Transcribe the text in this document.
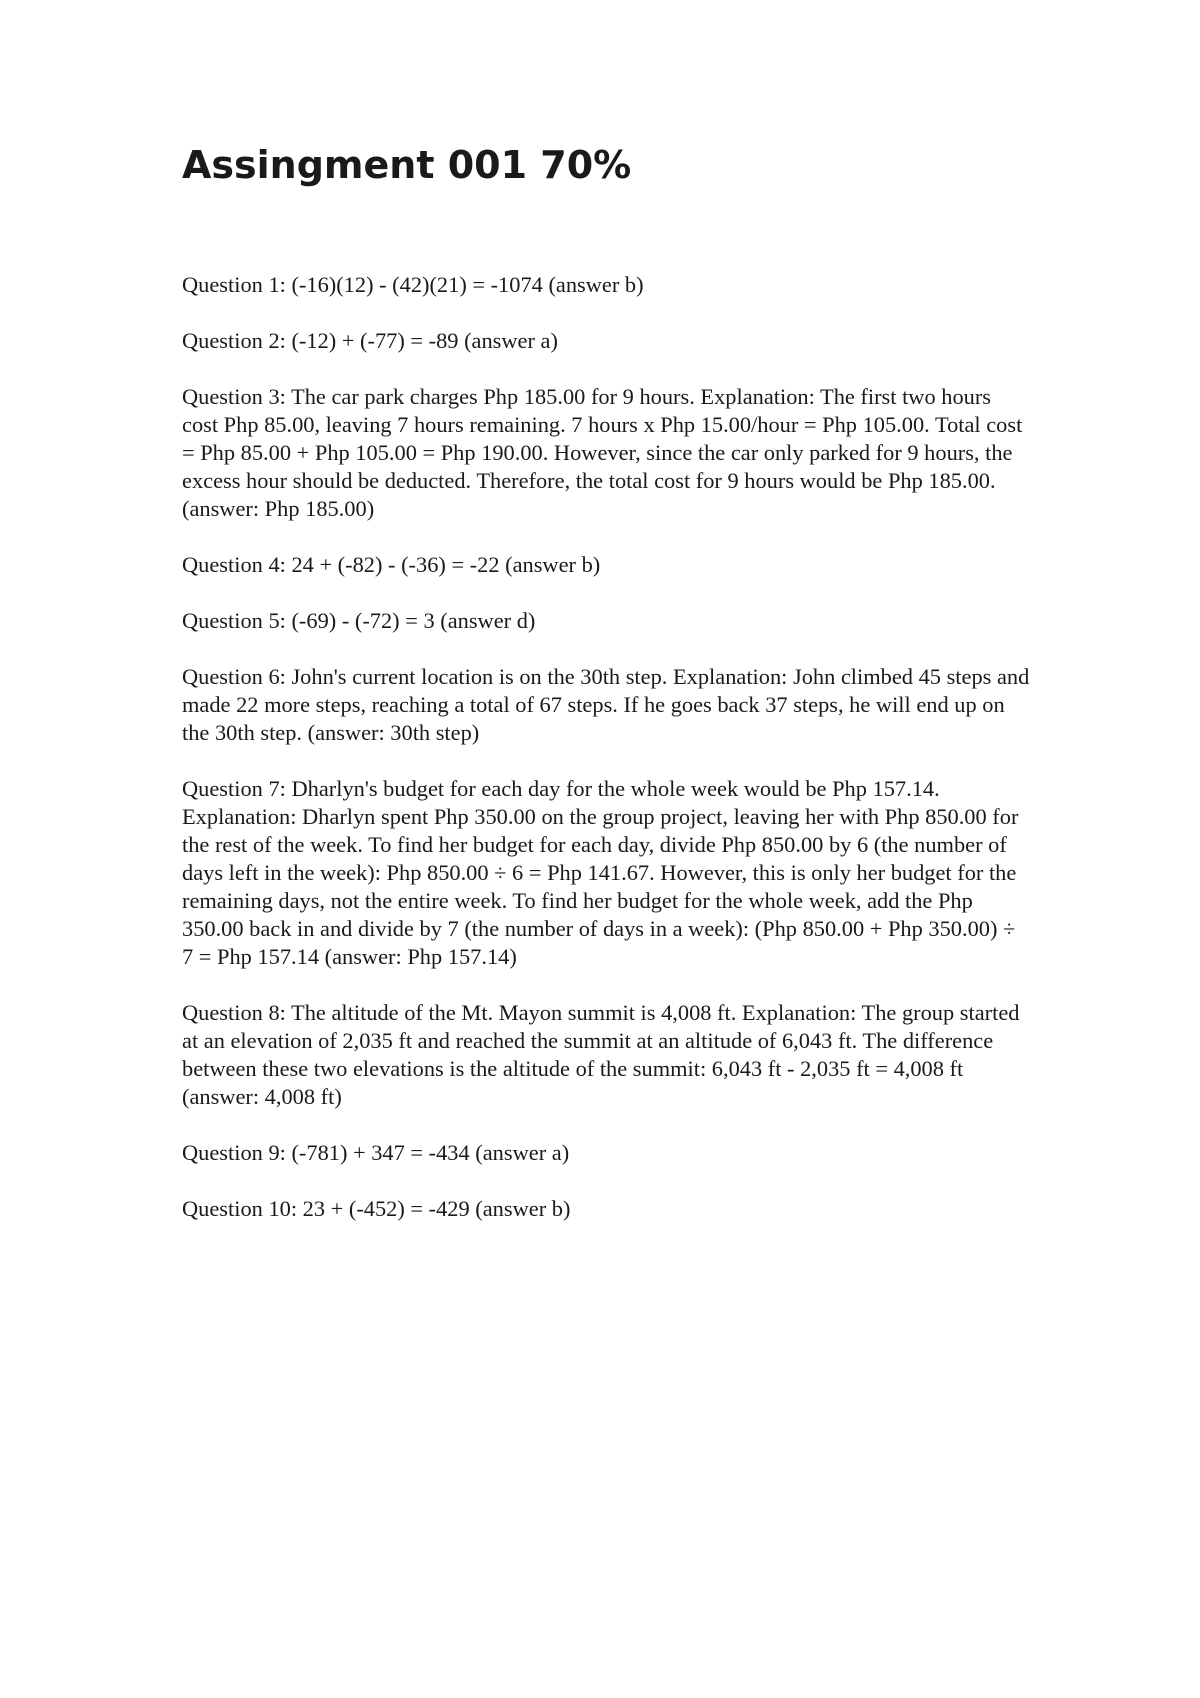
Assingment 001 70%

Question 1: (-16)(12) - (42)(21) = -1074 (answer b)

Question 2: (-12) + (-77) = -89 (answer a)

Question 3: The car park charges Php 185.00 for 9 hours. Explanation: The first two hours cost Php 85.00, leaving 7 hours remaining. 7 hours x Php 15.00/hour = Php 105.00. Total cost = Php 85.00 + Php 105.00 = Php 190.00. However, since the car only parked for 9 hours, the excess hour should be deducted. Therefore, the total cost for 9 hours would be Php 185.00. (answer: Php 185.00)

Question 4: 24 + (-82) - (-36) = -22 (answer b)

Question 5: (-69) - (-72) = 3 (answer d)

Question 6: John's current location is on the 30th step. Explanation: John climbed 45 steps and made 22 more steps, reaching a total of 67 steps. If he goes back 37 steps, he will end up on the 30th step. (answer: 30th step)

Question 7: Dharlyn's budget for each day for the whole week would be Php 157.14. Explanation: Dharlyn spent Php 350.00 on the group project, leaving her with Php 850.00 for the rest of the week. To find her budget for each day, divide Php 850.00 by 6 (the number of days left in the week): Php 850.00 ÷ 6 = Php 141.67. However, this is only her budget for the remaining days, not the entire week. To find her budget for the whole week, add the Php 350.00 back in and divide by 7 (the number of days in a week): (Php 850.00 + Php 350.00) ÷ 7 = Php 157.14 (answer: Php 157.14)

Question 8: The altitude of the Mt. Mayon summit is 4,008 ft. Explanation: The group started at an elevation of 2,035 ft and reached the summit at an altitude of 6,043 ft. The difference between these two elevations is the altitude of the summit: 6,043 ft - 2,035 ft = 4,008 ft (answer: 4,008 ft)

Question 9: (-781) + 347 = -434 (answer a)

Question 10: 23 + (-452) = -429 (answer b)
